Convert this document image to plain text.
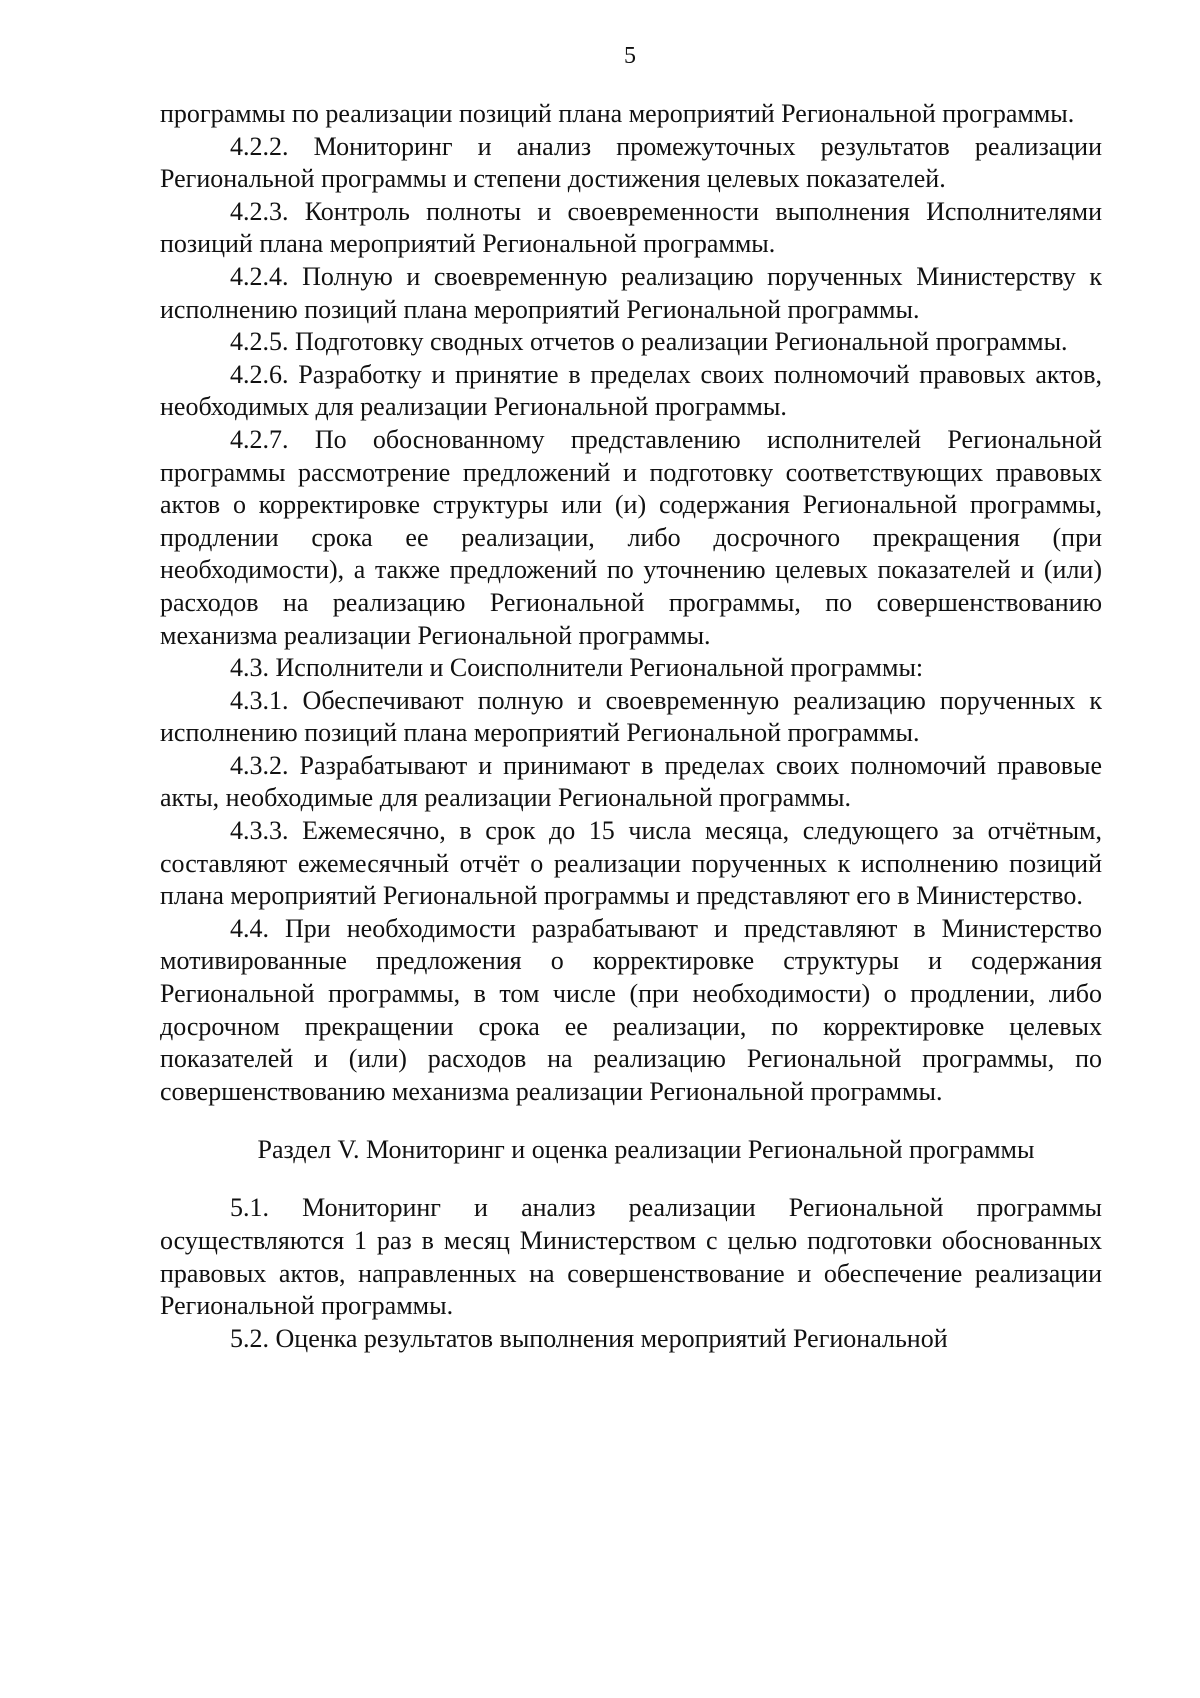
5

программы по реализации позиций плана мероприятий Региональной программы.

4.2.2. Мониторинг и анализ промежуточных результатов реализации Региональной программы и степени достижения целевых показателей.

4.2.3. Контроль полноты и своевременности выполнения Исполнителями позиций плана мероприятий Региональной программы.

4.2.4. Полную и своевременную реализацию порученных Министерству к исполнению позиций плана мероприятий Региональной программы.

4.2.5. Подготовку сводных отчетов о реализации Региональной программы.

4.2.6. Разработку и принятие в пределах своих полномочий правовых актов, необходимых для реализации Региональной программы.

4.2.7. По обоснованному представлению исполнителей Региональной программы рассмотрение предложений и подготовку соответствующих правовых актов о корректировке структуры или (и) содержания Региональной программы, продлении срока ее реализации, либо досрочного прекращения (при необходимости), а также предложений по уточнению целевых показателей и (или) расходов на реализацию Региональной программы, по совершенствованию механизма реализации Региональной программы.

4.3. Исполнители и Соисполнители Региональной программы:

4.3.1. Обеспечивают полную и своевременную реализацию порученных к исполнению позиций плана мероприятий Региональной программы.

4.3.2. Разрабатывают и принимают в пределах своих полномочий правовые акты, необходимые для реализации Региональной программы.

4.3.3. Ежемесячно, в срок до 15 числа месяца, следующего за отчётным, составляют ежемесячный отчёт о реализации порученных к исполнению позиций плана мероприятий Региональной программы и представляют его в Министерство.

4.4. При необходимости разрабатывают и представляют в Министерство мотивированные предложения о корректировке структуры и содержания Региональной программы, в том числе (при необходимости) о продлении, либо досрочном прекращении срока ее реализации, по корректировке целевых показателей и (или) расходов на реализацию Региональной программы, по совершенствованию механизма реализации Региональной программы.

Раздел V. Мониторинг и оценка реализации Региональной программы

5.1. Мониторинг и анализ реализации Региональной программы осуществляются 1 раз в месяц Министерством с целью подготовки обоснованных правовых актов, направленных на совершенствование и обеспечение реализации Региональной программы.

5.2. Оценка результатов выполнения мероприятий Региональной
